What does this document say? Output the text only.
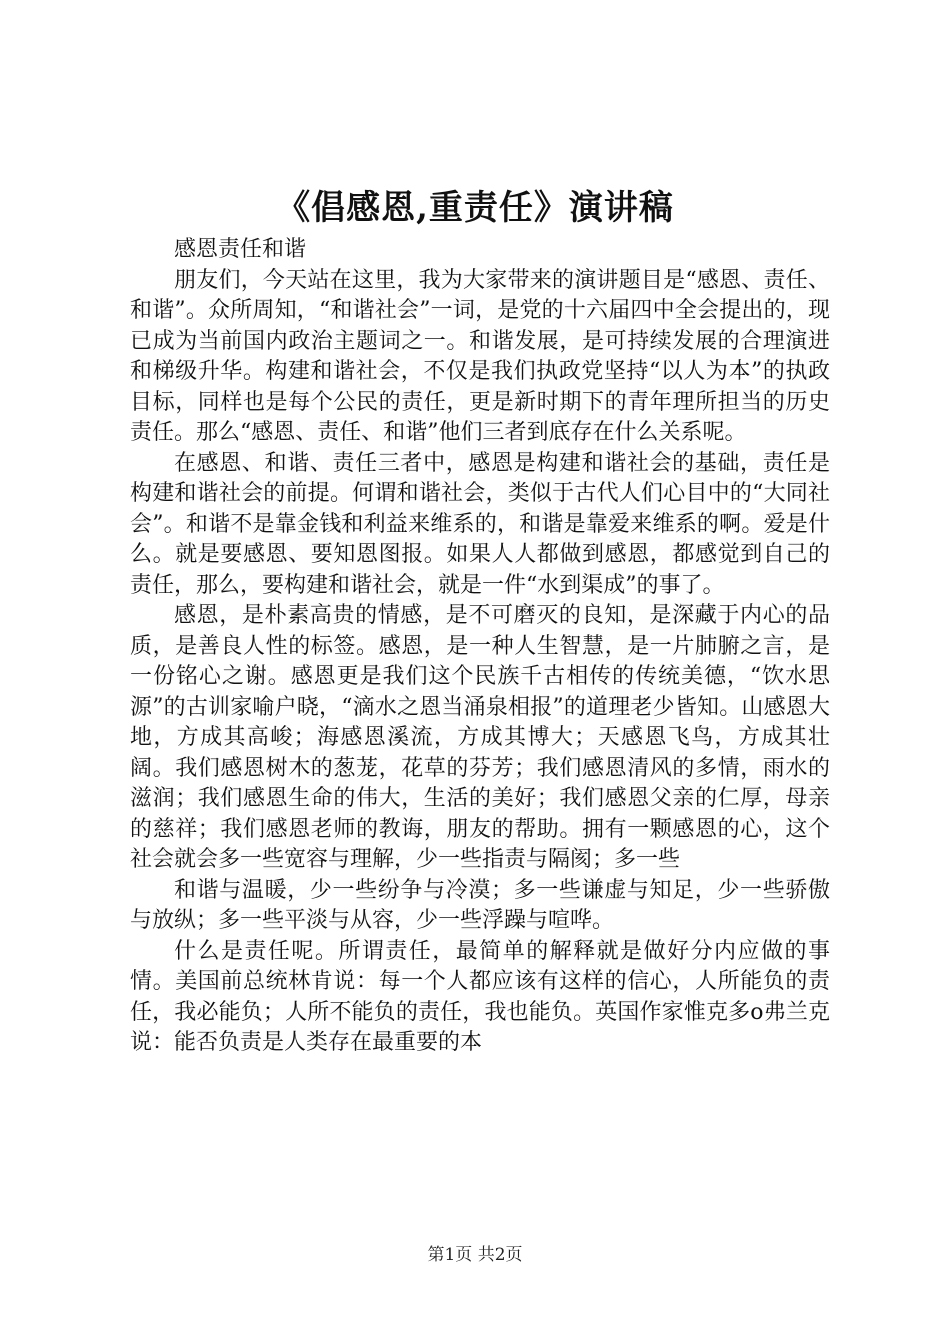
《倡感恩,重责任》演讲稿

感恩责任和谐

朋友们，今天站在这里，我为大家带来的演讲题目是“感恩、责任、和谐”。众所周知，“和谐社会”一词，是党的十六届四中全会提出的，现已成为当前国内政治主题词之一。和谐发展，是可持续发展的合理演进和梯级升华。构建和谐社会，不仅是我们执政党坚持“以人为本”的执政目标，同样也是每个公民的责任，更是新时期下的青年理所担当的历史责任。那么“感恩、责任、和谐”他们三者到底存在什么关系呢。

在感恩、和谐、责任三者中，感恩是构建和谐社会的基础，责任是构建和谐社会的前提。何谓和谐社会，类似于古代人们心目中的“大同社会”。和谐不是靠金钱和利益来维系的，和谐是靠爱来维系的啊。爱是什么。就是要感恩、要知恩图报。如果人人都做到感恩，都感觉到自己的责任，那么，要构建和谐社会，就是一件“水到渠成”的事了。

感恩，是朴素高贵的情感，是不可磨灭的良知，是深藏于内心的品质，是善良人性的标签。感恩，是一种人生智慧，是一片肺腑之言，是一份铭心之谢。感恩更是我们这个民族千古相传的传统美德，“饮水思源”的古训家喻户晓，“滴水之恩当涌泉相报”的道理老少皆知。山感恩大地，方成其高峻；海感恩溪流，方成其博大；天感恩飞鸟，方成其壮阔。我们感恩树木的葱茏，花草的芬芳；我们感恩清风的多情，雨水的滋润；我们感恩生命的伟大，生活的美好；我们感恩父亲的仁厚，母亲的慈祥；我们感恩老师的教诲，朋友的帮助。拥有一颗感恩的心，这个社会就会多一些宽容与理解，少一些指责与隔阂；多一些

和谐与温暖，少一些纷争与冷漠；多一些谦虚与知足，少一些骄傲与放纵；多一些平淡与从容，少一些浮躁与喧哗。

什么是责任呢。所谓责任，最简单的解释就是做好分内应做的事情。美国前总统林肯说：每一个人都应该有这样的信心，人所能负的责任，我必能负；人所不能负的责任，我也能负。英国作家惟克多o弗兰克说：能否负责是人类存在最重要的本

第1页 共2页
